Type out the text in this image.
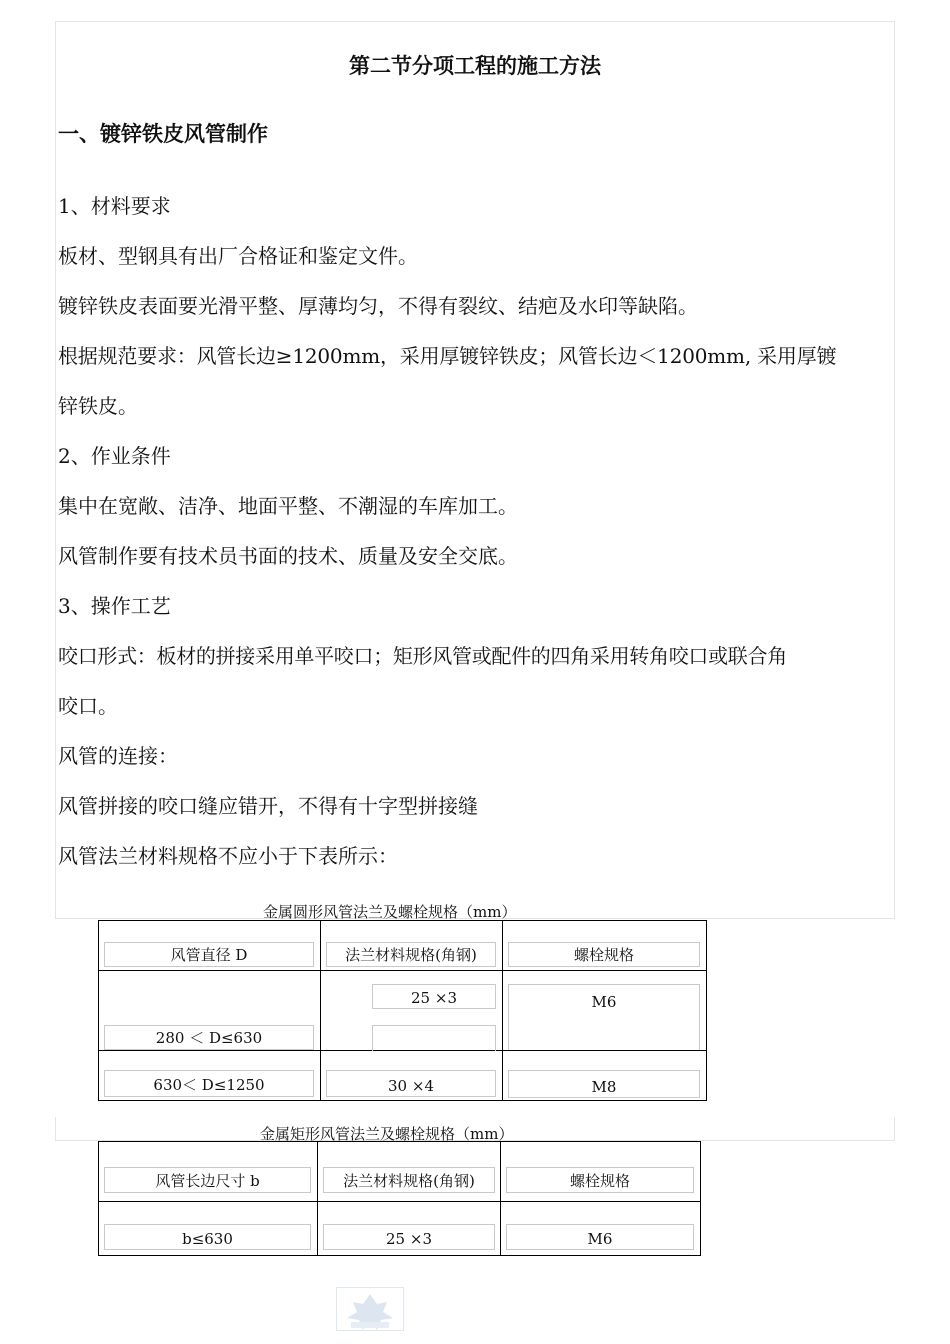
第二节分项工程的施工方法
一、镀锌铁皮风管制作
1、材料要求
板材、型钢具有出厂合格证和鉴定文件。
镀锌铁皮表面要光滑平整、厚薄均匀，不得有裂纹、结疤及水印等缺陷。
根据规范要求：风管长边≥1200mm，采用厚镀锌铁皮；风管长边＜1200mm, 采用厚镀
锌铁皮。
2、作业条件
集中在宽敞、洁净、地面平整、不潮湿的车库加工。
风管制作要有技术员书面的技术、质量及安全交底。
3、操作工艺
咬口形式：板材的拼接采用单平咬口；矩形风管或配件的四角采用转角咬口或联合角
咬口。
风管的连接：
风管拼接的咬口缝应错开，不得有十字型拼接缝
风管法兰材料规格不应小于下表所示：
金属圆形风管法兰及螺栓规格（mm）
风管直径 D	法兰材料规格(角钢)	螺栓规格

280 ＜ D≤630	25 ×3	M6

630＜ D≤1250	30 ×4	M8
金属矩形风管法兰及螺栓规格（mm）
风管长边尺寸 b	法兰材料规格(角钢)	螺栓规格

b≤630	25 ×3	M6
